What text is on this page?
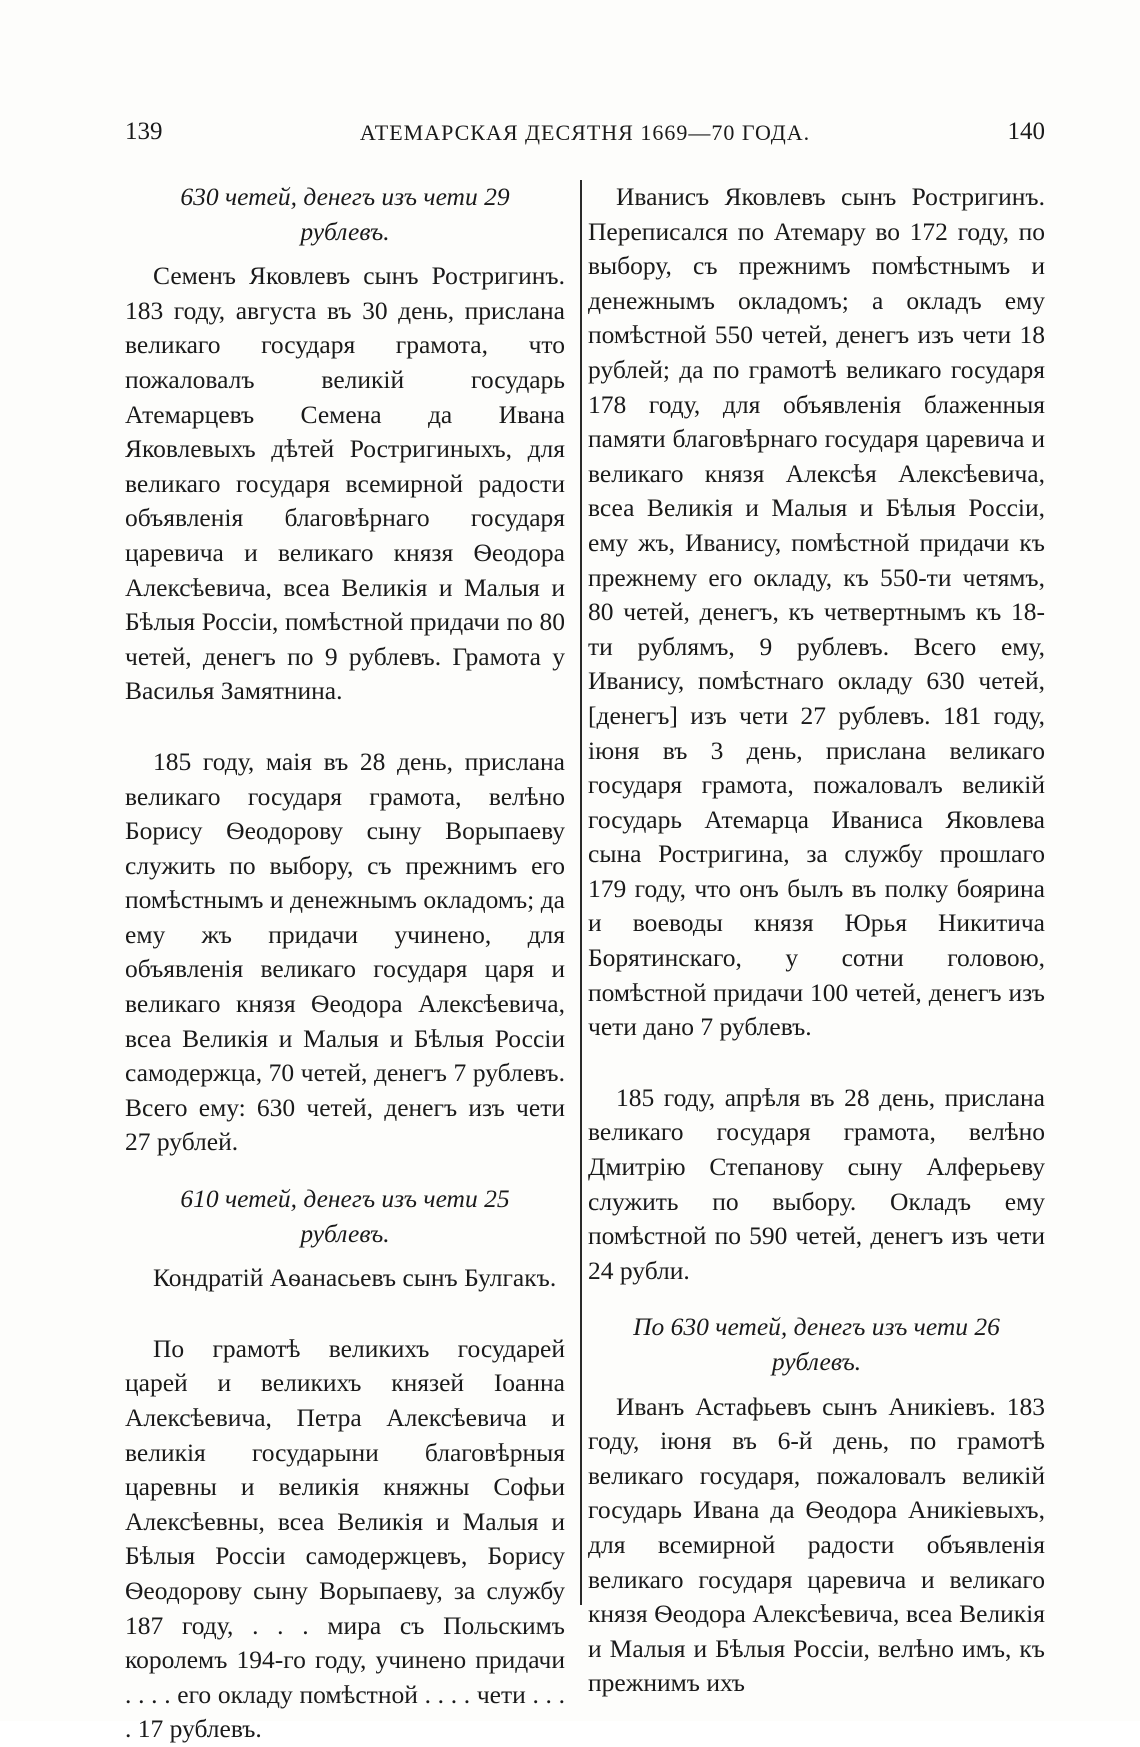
139	АТЕМАРСКАЯ ДЕСЯТНЯ 1669—70 ГОДА.	140
630 четей, денегъ изъ чети 29 рублевъ.

Семенъ Яковлевъ сынъ Ростригинъ. 183 году, августа въ 30 день, прислана великаго государя грамота, что пожаловалъ великій государь Атемарцевъ Семена да Ивана Яковлевыхъ дѣтей Ростригиныхъ, для великаго государя всемирной радости объявленія благовѣрнаго государя царевича и великаго князя Ѳеодора Алексѣевича, всеа Великія и Малыя и Бѣлыя Россіи, помѣстной придачи по 80 четей, денегъ по 9 рублевъ. Грамота у Василья Замятнина.

185 году, маія въ 28 день, прислана великаго государя грамота, велѣно Борису Ѳеодорову сыну Ворыпаеву служить по выбору, съ прежнимъ его помѣстнымъ и денежнымъ окладомъ; да ему жъ придачи учинено, для объявленія великаго государя царя и великаго князя Ѳеодора Алексѣевича, всеа Великія и Малыя и Бѣлыя Россіи самодержца, 70 четей, денегъ 7 рублевъ. Всего ему: 630 четей, денегъ изъ чети 27 рублей.

610 четей, денегъ изъ чети 25 рублевъ.

Кондратій Аѳанасьевъ сынъ Булгакъ.

По грамотѣ великихъ государей царей и великихъ князей Іоанна Алексѣевича, Петра Алексѣевича и великія государыни благовѣрныя царевны и великія княжны Софьи Алексѣевны, всеа Великія и Малыя и Бѣлыя Россіи самодержцевъ, Борису Ѳеодорову сыну Ворыпаеву, за службу 187 году, . . . мира съ Польскимъ королемъ 194-го году, учинено придачи . . . . его окладу помѣстной . . . . чети . . . . 17 рублевъ.

Иванисъ Яковлевъ сынъ Ростригинъ. Переписался по Атемару во 172 году, по выбору, съ прежнимъ помѣстнымъ и денежнымъ окладомъ; а окладъ ему помѣстной 550 четей, денегъ изъ чети 18 рублей; да по грамотѣ великаго государя 178 году, для объявленія блаженныя памяти благовѣрнаго государя царевича и великаго князя Алексѣя Алексѣевича, всеа Великія и Малыя и Бѣлыя Россіи, ему жъ, Иванису, помѣстной придачи къ прежнему его окладу, къ 550-ти четямъ, 80 четей, денегъ, къ четвертнымъ къ 18-ти рублямъ, 9 рублевъ. Всего ему, Иванису, помѣстнаго окладу 630 четей, [денегъ] изъ чети 27 рублевъ. 181 году, іюня въ 3 день, прислана великаго государя грамота, пожаловалъ великій государь Атемарца Иваниса Яковлева сына Ростригина, за службу прошлаго 179 году, что онъ былъ въ полку боярина и воеводы князя Юрья Никитича Борятинскаго, у сотни головою, помѣстной придачи 100 четей, денегъ изъ чети дано 7 рублевъ.

185 году, апрѣля въ 28 день, прислана великаго государя грамота, велѣно Дмитрію Степанову сыну Алферьеву служить по выбору. Окладъ ему помѣстной по 590 четей, денегъ изъ чети 24 рубли.

По 630 четей, денегъ изъ чети 26 рублевъ.

Иванъ Астафьевъ сынъ Аникіевъ. 183 году, іюня въ 6-й день, по грамотѣ великаго государя, пожаловалъ великій государь Ивана да Ѳеодора Аникіевыхъ, для всемирной радости объявленія великаго государя царевича и великаго князя Ѳеодора Алексѣевича, всеа Великія и Малыя и Бѣлыя Россіи, велѣно имъ, къ прежнимъ ихъ
